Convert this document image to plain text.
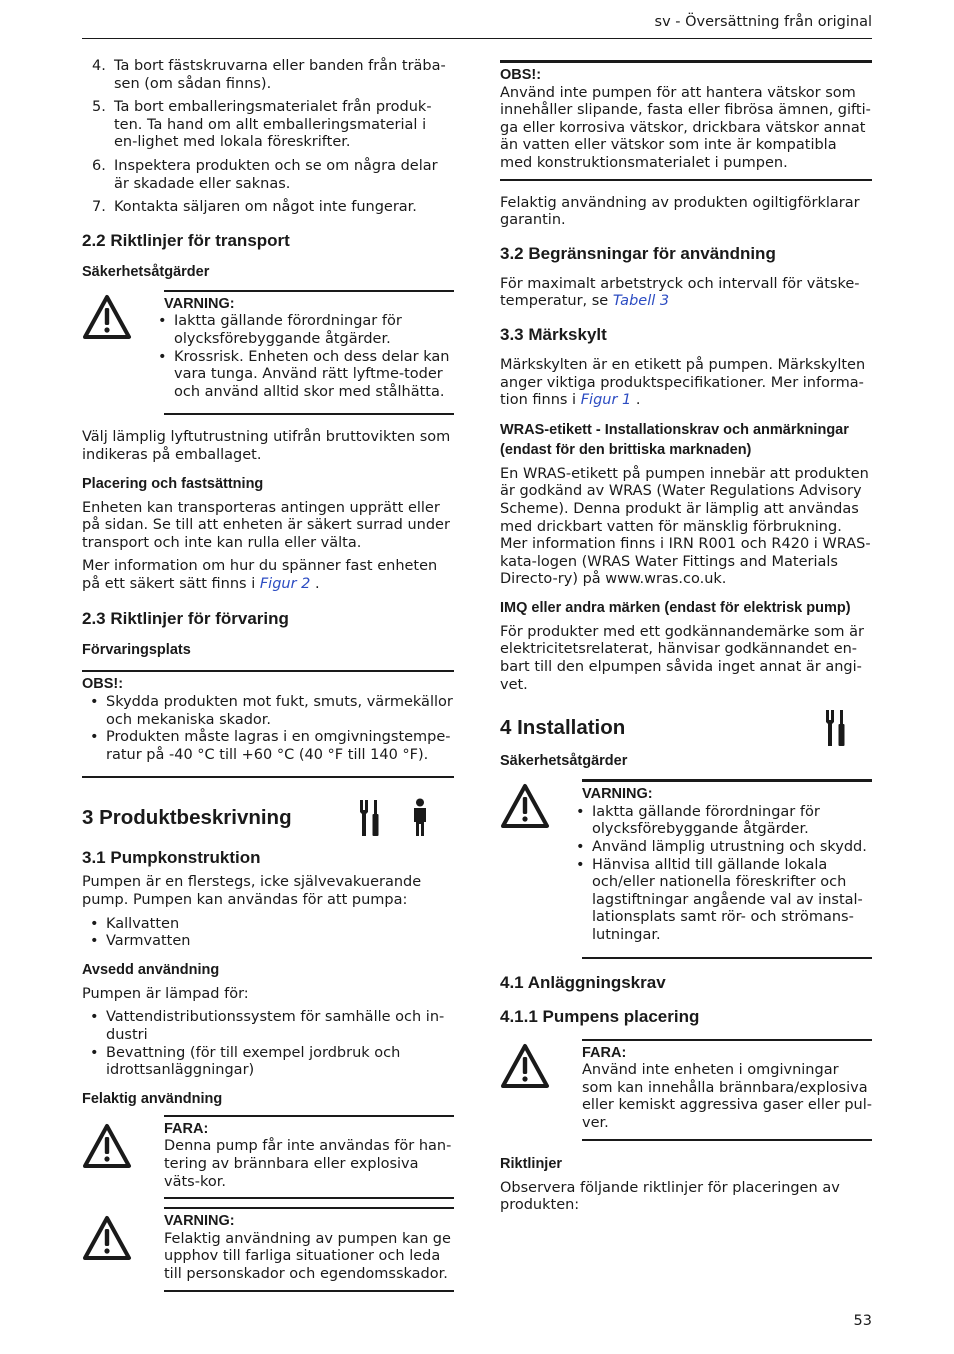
sv - Översättning från original
4. Ta bort fästskruvarna eller banden från träba-sen (om sådan finns).
5. Ta bort emballeringsmaterialet från produk-ten. Ta hand om allt emballeringsmaterial i en-lighet med lokala föreskrifter.
6. Inspektera produkten och se om några delar är skadade eller saknas.
7. Kontakta säljaren om något inte fungerar.
2.2 Riktlinjer för transport
Säkerhetsåtgärder
VARNING:
• Iakttа gällande förordningar för olycksförebyggande åtgärder.
• Krossrisk. Enheten och dess delar kan vara tunga. Använd rätt lyftme-toder och använd alltid skor med stålhätta.

Välj lämplig lyftutrustning utifrån bruttovikten som indikeras på emballaget.

Placering och fastsättning

Enheten kan transporteras antingen upprätt eller på sidan. Se till att enheten är säkert surrad under transport och inte kan rulla eller välta.

Mer information om hur du spänner fast enheten på ett säkert sätt finns i Figur 2 .

2.3 Riktlinjer för förvaring
Förvaringsplats
OBS!:
• Skydda produkten mot fukt, smuts, värmekällor och mekaniska skador.
• Produkten måste lagras i en omgivningstempe-ratur på -40 °C till +60 °C (40 °F till 140 °F).
3 Produktbeskrivning
3.1 Pumpkonstruktion

Pumpen är en flerstegs, icke självevakuerande pump. Pumpen kan användas för att pumpa:

• Kallvatten
• Varmvatten
Avsedd användning

Pumpen är lämpad för:

• Vattendistributionssystem för samhälle och in-dustri
• Bevattning (för till exempel jordbruk och idrottsanläggningar)
Felaktig användning
FARA:
Denna pump får inte användas för han-tering av brännbara eller explosiva väts-kor.
VARNING:
Felaktig användning av pumpen kan ge upphov till farliga situationer och leda till personskador och egendomsskador.
OBS!:
Använd inte pumpen för att hantera vätskor som innehåller slipande, fasta eller fibrösa ämnen, gifti-ga eller korrosiva vätskor, drickbara vätskor annat än vatten eller vätskor som inte är kompatibla med konstruktionsmaterialet i pumpen.

Felaktig användning av produkten ogiltigförklarar garantin.

3.2 Begränsningar för användning

För maximalt arbetstryck och intervall för vätske-temperatur, se Tabell 3

3.3 Märkskylt

Märkskylten är en etikett på pumpen. Märkskylten anger viktiga produktspecifikationer. Mer informa-tion finns i Figur 1 .

WRAS-etikett - Installationskrav och anmärkningar (endast för den brittiska marknaden)

En WRAS-etikett på pumpen innebär att produkten är godkänd av WRAS (Water Regulations Advisory Scheme). Denna produkt är lämplig att användas med drickbart vatten för mänsklig förbrukning. Mer information finns i IRN R001 och R420 i WRAS-kata-logen (WRAS Water Fittings and Materials Directo-ry) på www.wras.co.uk.

IMQ eller andra märken (endast för elektrisk pump)

För produkter med ett godkännandemärke som är elektricitetsrelaterat, hänvisar godkännandet en-bart till den elpumpen såvida inget annat är angi-vet.

4 Installation
Säkerhetsåtgärder
VARNING:
• Iakttа gällande förordningar för olycksförebyggande åtgärder.
• Använd lämplig utrustning och skydd.
• Hänvisa alltid till gällande lokala och/eller nationella föreskrifter och lagstiftningar angående val av instal-lationsplats samt rör- och strömans-lutningar.
4.1 Anläggningskrav
4.1.1 Pumpens placering
FARA:
Använd inte enheten i omgivningar som kan innehålla brännbara/explosiva eller kemiskt aggressiva gaser eller pul-ver.
Riktlinjer

Observera följande riktlinjer för placeringen av produkten:

53
